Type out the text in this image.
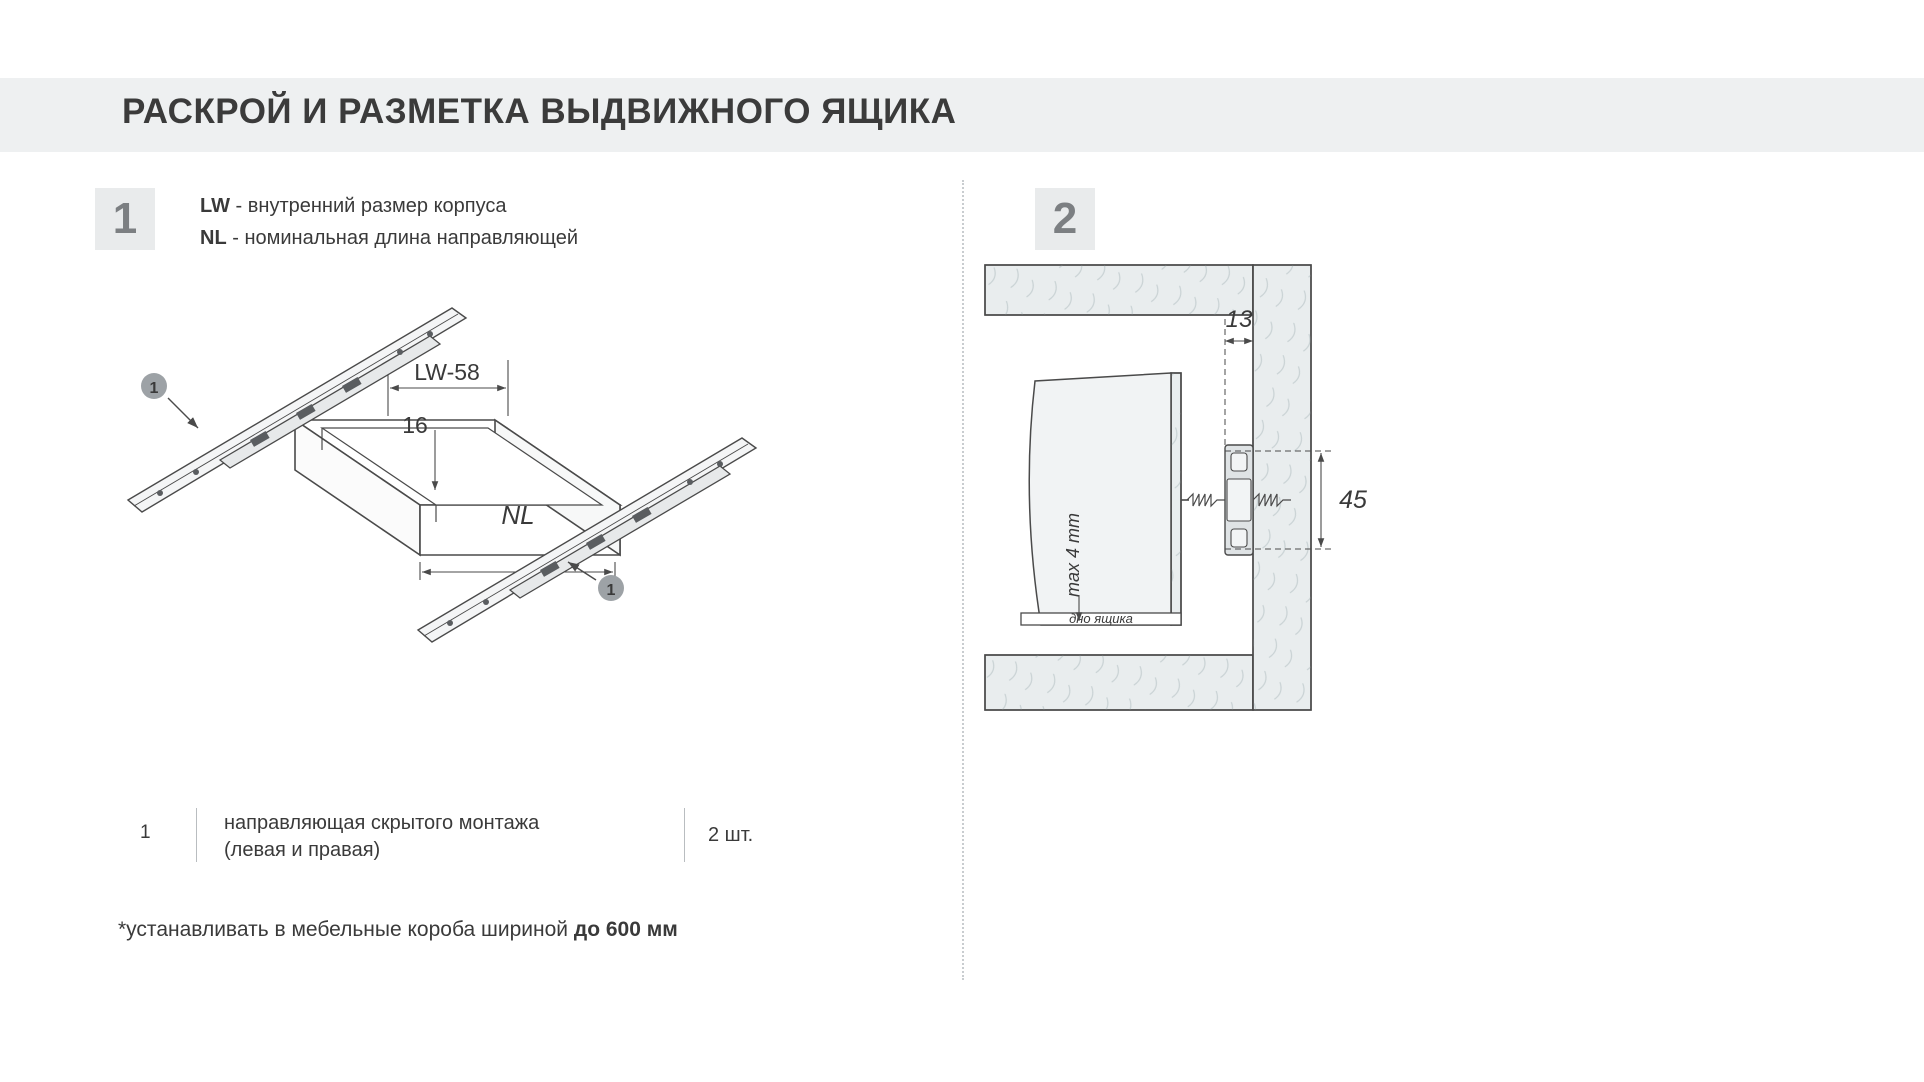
РАСКРОЙ И РАЗМЕТКА ВЫДВИЖНОГО ЯЩИКА
1	2
LW - внутренний размер корпуса
NL - номинальная длина направляющей
LW-58
16
NL
1
1
дно ящика
max 4 mm
45
13
1	направляющая скрытого монтажа
(левая и правая)
2 шт.
*устанавливать в мебельные короба шириной до 600 мм
